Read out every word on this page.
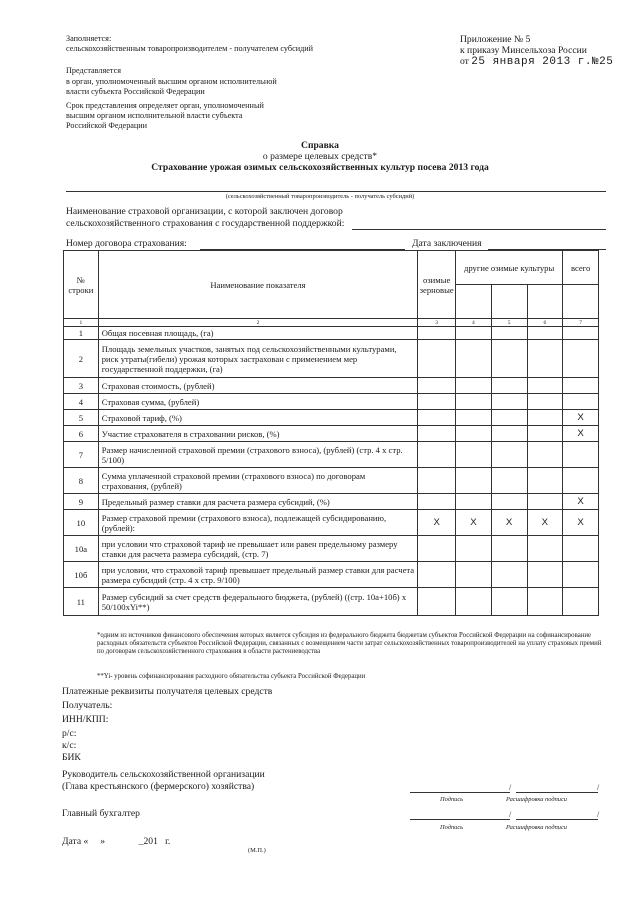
Заполняется:
сельскохозяйственным товаропроизводителем - получателем субсидий
Представляется
в орган, уполномоченный высшим органом исполнительной
власти субъекта Российской Федерации
Срок представления определяет орган, уполномоченный
высшим органом исполнительной власти субъекта
Российской Федерации
Приложение № 5
к приказу Минсельхоза России
от 25 января 2013 г.№25
Справка
о размере целевых средств*
Страхование урожая озимых сельскохозяйственных культур посева 2013 года
(сельскохозяйственный товаропроизводитель - получатель субсидий)
Наименование страховой организации, с которой заключен договор
сельскохозяйственного страхования с государственной поддержкой:
Номер договора страхования:	Дата заключения
№ строки	Наименование показателя	озимые зерновые	другие озимые культуры			всего

1	2	3	4	5	6	7
1	Общая посевная площадь, (га)					
2	Площадь земельных участков, занятых под сельскохозяйственными культурами, риск утраты(гибели) урожая которых застрахован с применением мер государственной поддержки, (га)					
3	Страховая стоимость, (рублей)					
4	Страховая сумма, (рублей)					
5	Страховой тариф, (%)					X
6	Участие страхователя в страховании рисков, (%)					X
7	Размер начисленной страховой премии (страхового взноса), (рублей) (стр. 4 х стр. 5/100)					
8	Сумма уплаченной страховой премии (страхового взноса) по договорам страхования, (рублей)					
9	Предельный размер ставки для расчета размера субсидий, (%)					X
10	Размер страховой премии (страхового взноса), подлежащей субсидированию, (рублей):	X	X	X	X	X
10а	при условии что страховой тариф не превышает или равен предельному размеру ставки для расчета размера субсидий, (стр. 7)					
10б	при условии, что страховой тариф превышает предельный размер ставки для расчета размера субсидий (стр. 4 х стр. 9/100)					
11	Размер субсидий за счет средств федерального бюджета, (рублей) ((стр. 10а+10б) х 50/100хYi**)					
*одним из источников финансового обеспечения которых является субсидия из федерального бюджета бюджетам субъектов Российской Федерации на софинансирование расходных обязательств субъектов Российской Федерации, связанных с возмещением части затрат сельскохозяйственных товаропроизводителей на уплату страховых премий по договорам сельскохозяйственного страхования в области растениеводства
**Yi- уровень софинансирования расходного обязательства субъекта Российской Федерации
Платежные реквизиты получателя целевых средств
Получатель:
ИНН/КПП:
р/с:
к/с:
БИК
Руководитель сельскохозяйственной организации
(Глава крестьянского (фермерского) хозяйства)	/	/
Подпись	Расшифровка подписи
Главный бухгалтер	/	/
Подпись	Расшифровка подписи
Дата «     »              _201   г.
(М.П.)
